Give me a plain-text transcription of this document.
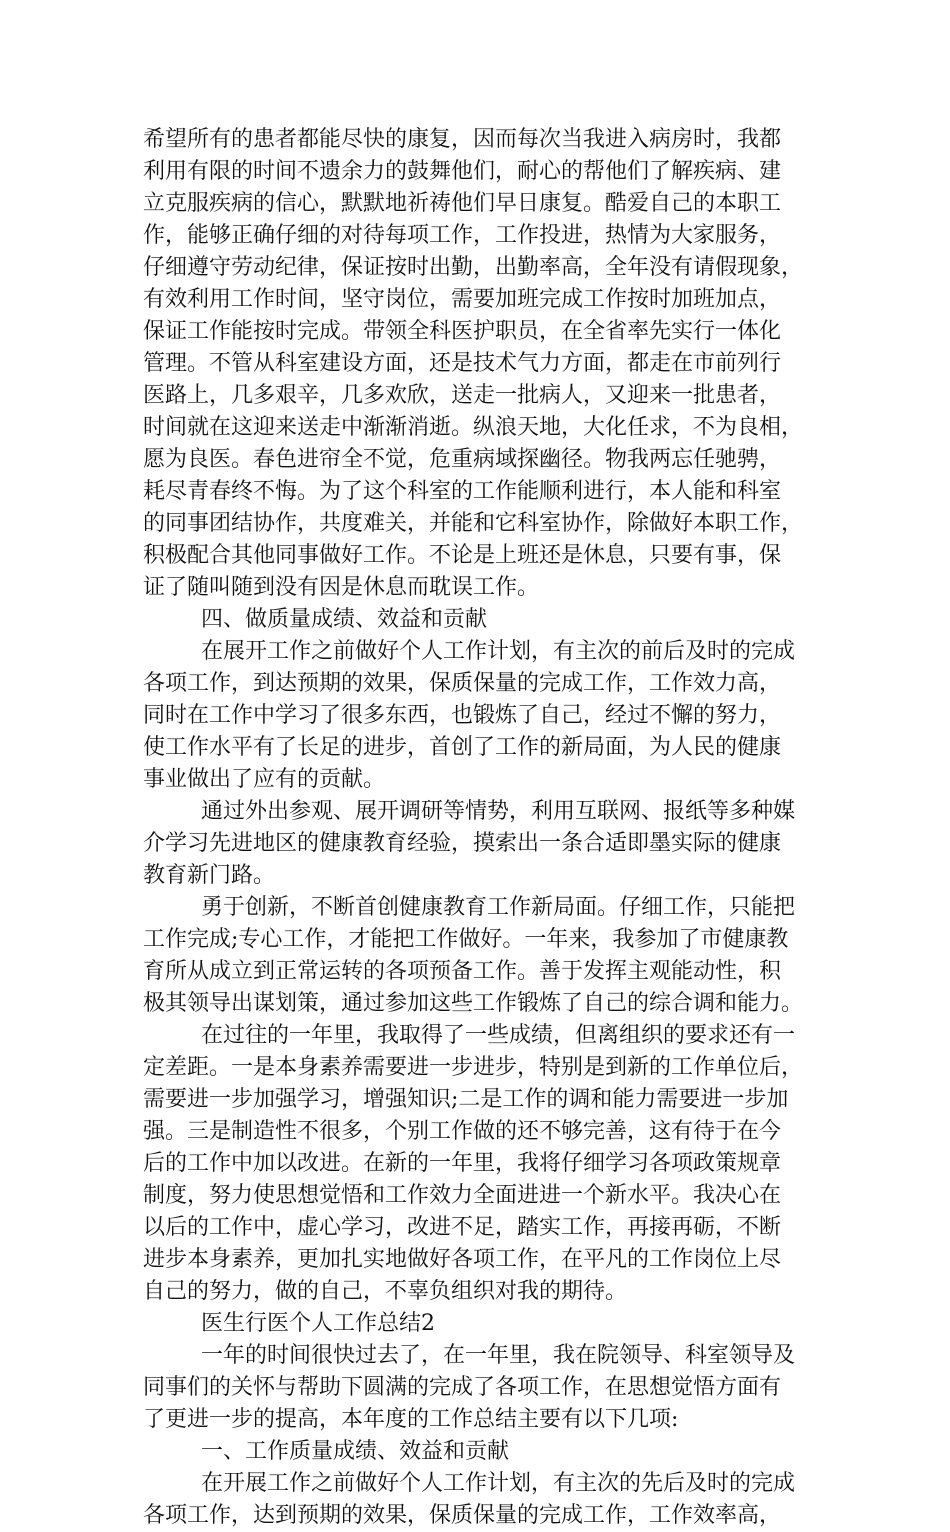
希望所有的患者都能尽快的康复，因而每次当我进入病房时，我都
利用有限的时间不遗余力的鼓舞他们，耐心的帮他们了解疾病、建
立克服疾病的信心，默默地祈祷他们早日康复。酷爱自己的本职工
作，能够正确仔细的对待每项工作，工作投进，热情为大家服务，
仔细遵守劳动纪律，保证按时出勤，出勤率高，全年没有请假现象，
有效利用工作时间，坚守岗位，需要加班完成工作按时加班加点，
保证工作能按时完成。带领全科医护职员，在全省率先实行一体化
管理。不管从科室建设方面，还是技术气力方面，都走在市前列行
医路上，几多艰辛，几多欢欣，送走一批病人，又迎来一批患者，
时间就在这迎来送走中渐渐消逝。纵浪天地，大化任求，不为良相，
愿为良医。春色进帘全不觉，危重病域探幽径。物我两忘任驰骋，
耗尽青春终不悔。为了这个科室的工作能顺利进行，本人能和科室
的同事团结协作，共度难关，并能和它科室协作，除做好本职工作，
积极配合其他同事做好工作。不论是上班还是休息，只要有事，保
证了随叫随到没有因是休息而耽误工作。
四、做质量成绩、效益和贡献
在展开工作之前做好个人工作计划，有主次的前后及时的完成
各项工作，到达预期的效果，保质保量的完成工作，工作效力高，
同时在工作中学习了很多东西，也锻炼了自己，经过不懈的努力，
使工作水平有了长足的进步，首创了工作的新局面，为人民的健康
事业做出了应有的贡献。
通过外出参观、展开调研等情势，利用互联网、报纸等多种媒
介学习先进地区的健康教育经验，摸索出一条合适即墨实际的健康
教育新门路。
勇于创新，不断首创健康教育工作新局面。仔细工作，只能把
工作完成;专心工作，才能把工作做好。一年来，我参加了市健康教
育所从成立到正常运转的各项预备工作。善于发挥主观能动性，积
极其领导出谋划策，通过参加这些工作锻炼了自己的综合调和能力。
在过往的一年里，我取得了一些成绩，但离组织的要求还有一
定差距。一是本身素养需要进一步进步，特别是到新的工作单位后，
需要进一步加强学习，增强知识;二是工作的调和能力需要进一步加
强。三是制造性不很多，个别工作做的还不够完善，这有待于在今
后的工作中加以改进。在新的一年里，我将仔细学习各项政策规章
制度，努力使思想觉悟和工作效力全面进进一个新水平。我决心在
以后的工作中，虚心学习，改进不足，踏实工作，再接再砺，不断
进步本身素养，更加扎实地做好各项工作，在平凡的工作岗位上尽
自己的努力，做的自己，不辜负组织对我的期待。
医生行医个人工作总结2
一年的时间很快过去了，在一年里，我在院领导、科室领导及
同事们的关怀与帮助下圆满的完成了各项工作，在思想觉悟方面有
了更进一步的提高，本年度的工作总结主要有以下几项:
一、工作质量成绩、效益和贡献
在开展工作之前做好个人工作计划，有主次的先后及时的完成
各项工作，达到预期的效果，保质保量的完成工作，工作效率高，
